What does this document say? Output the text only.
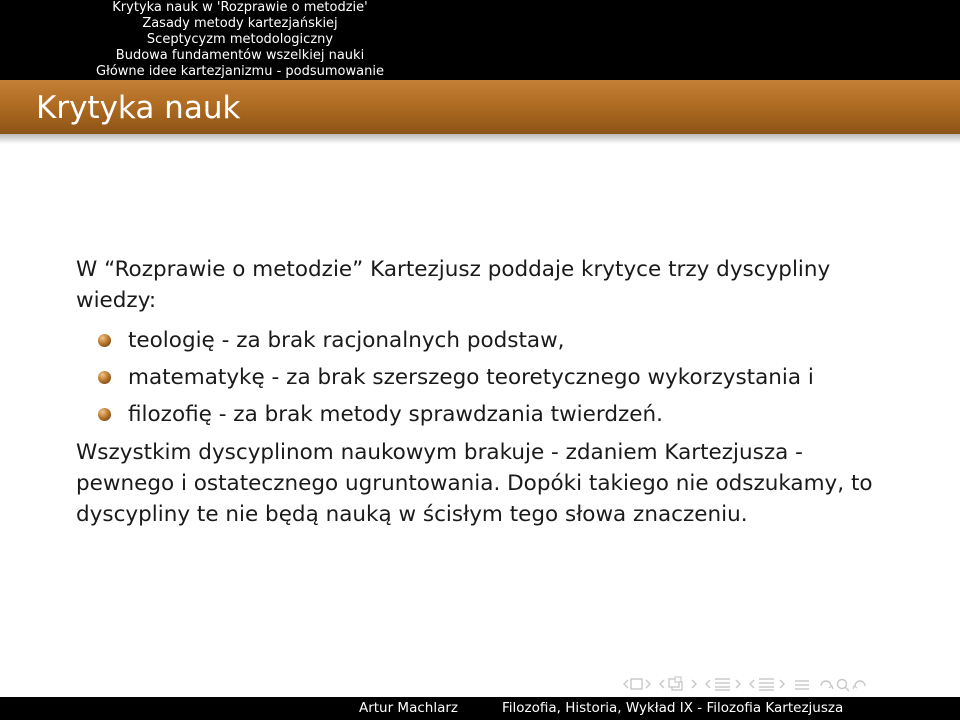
Krytyka nauk w 'Rozprawie o metodzie'
Zasady metody kartezjańskiej
Sceptycyzm metodologiczny
Budowa fundamentów wszelkiej nauki
Główne idee kartezjanizmu - podsumowanie
Krytyka nauk
W “Rozprawie o metodzie” Kartezjusz poddaje krytyce trzy dyscypliny wiedzy:
teologię - za brak racjonalnych podstaw,
matematykę - za brak szerszego teoretycznego wykorzystania i
filozofię - za brak metody sprawdzania twierdzeń.
Wszystkim dyscyplinom naukowym brakuje - zdaniem Kartezjusza - pewnego i ostatecznego ugruntowania. Dopóki takiego nie odszukamy, to dyscypliny te nie będą nauką w ścisłym tego słowa znaczeniu.
Artur Machlarz	Filozofia, Historia, Wykład IX - Filozofia Kartezjusza
